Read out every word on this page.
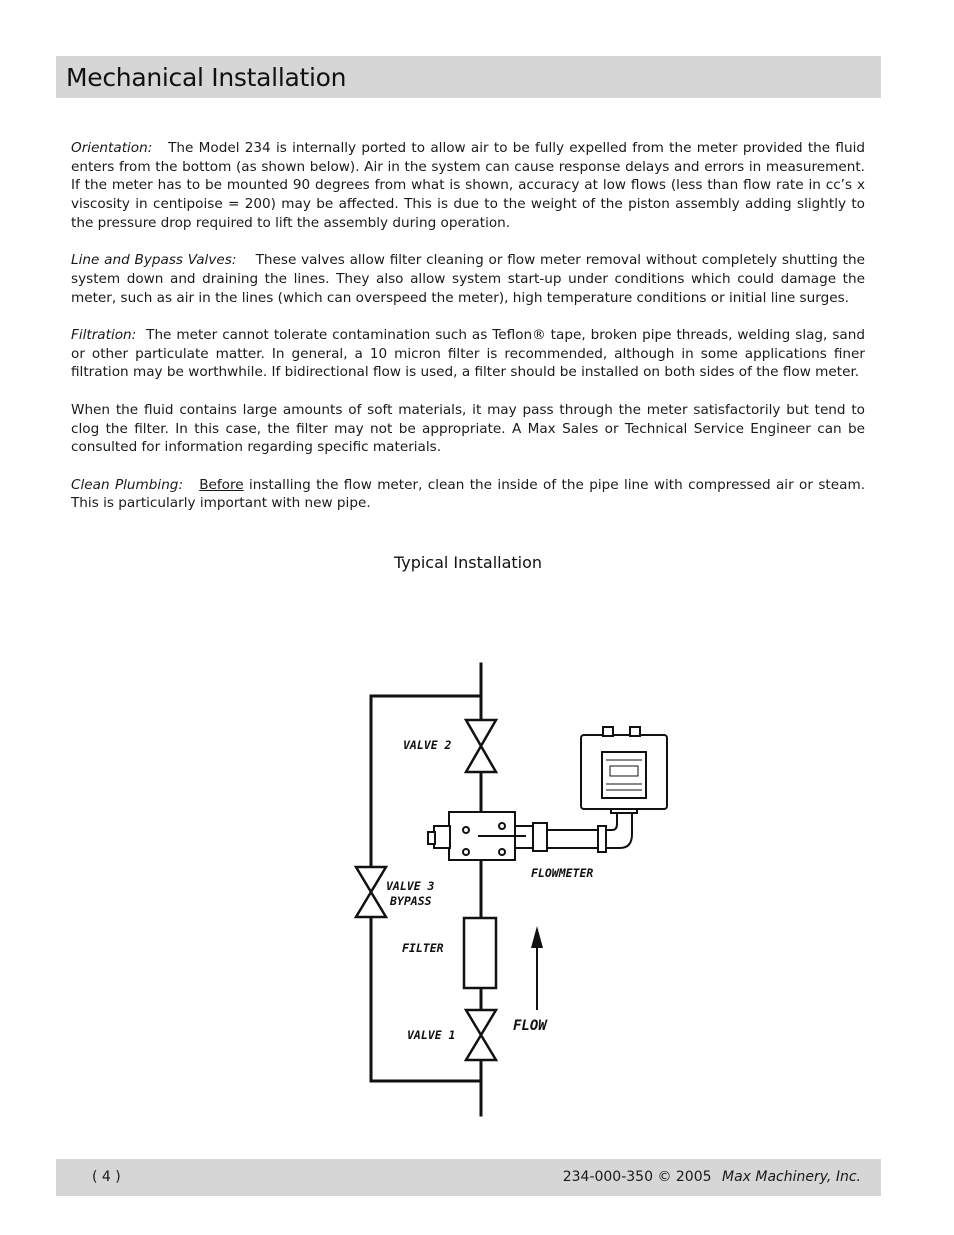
Mechanical Installation

Orientation: The Model 234 is internally ported to allow air to be fully expelled from the meter provided the fluid enters from the bottom (as shown below). Air in the system can cause response delays and errors in measurement. If the meter has to be mounted 90 degrees from what is shown, accuracy at low flows (less than flow rate in cc’s x viscosity in centipoise = 200) may be affected. This is due to the weight of the piston assembly adding slightly to the pressure drop required to lift the assembly during operation.

Line and Bypass Valves: These valves allow filter cleaning or flow meter removal without completely shutting the system down and draining the lines. They also allow system start-up under conditions which could damage the meter, such as air in the lines (which can overspeed the meter), high temperature conditions or initial line surges.

Filtration: The meter cannot tolerate contamination such as Teflon® tape, broken pipe threads, welding slag, sand or other particulate matter. In general, a 10 micron filter is recommended, although in some applications finer filtration may be worthwhile. If bidirectional flow is used, a filter should be installed on both sides of the flow meter.

When the fluid contains large amounts of soft materials, it may pass through the meter satisfactorily but tend to clog the filter. In this case, the filter may not be appropriate. A Max Sales or Technical Service Engineer can be consulted for information regarding specific materials.

Clean Plumbing: Before installing the flow meter, clean the inside of the pipe line with compressed air or steam. This is particularly important with new pipe.

Typical Installation
VALVE 2
VALVE 3
BYPASS
FLOWMETER
FILTER
VALVE 1
FLOW
( 4 )	234-000-350 © 2005 Max Machinery, Inc.
